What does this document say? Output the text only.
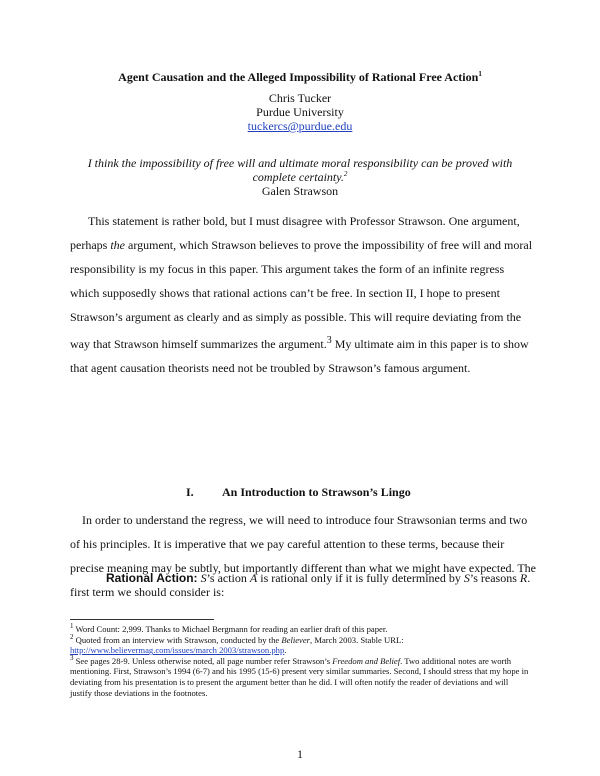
Agent Causation and the Alleged Impossibility of Rational Free Action$^1$
Chris Tucker
Purdue University
tuckercs@purdue.edu
I think the impossibility of free will and ultimate moral responsibility can be proved with complete certainty.$^2$
Galen Strawson
This statement is rather bold, but I must disagree with Professor Strawson. One argument, perhaps the argument, which Strawson believes to prove the impossibility of free will and moral responsibility is my focus in this paper. This argument takes the form of an infinite regress which supposedly shows that rational actions can’t be free. In section II, I hope to present Strawson’s argument as clearly and as simply as possible. This will require deviating from the way that Strawson himself summarizes the argument.$^3$ My ultimate aim in this paper is to show that agent causation theorists need not be troubled by Strawson’s famous argument.
I. An Introduction to Strawson’s Lingo
In order to understand the regress, we will need to introduce four Strawsonian terms and two of his principles. It is imperative that we pay careful attention to these terms, because their precise meaning may be subtly, but importantly different than what we might have expected. The first term we should consider is:
Rational Action: S’s action A is rational only if it is fully determined by S’s reasons R.
$^1$ Word Count: 2,999. Thanks to Michael Bergmann for reading an earlier draft of this paper.
$^2$ Quoted from an interview with Strawson, conducted by the Believer, March 2003. Stable URL:
http://www.believermag.com/issues/march 2003/strawson.php.
$^3$ See pages 28-9. Unless otherwise noted, all page number refer Strawson’s Freedom and Belief. Two additional notes are worth mentioning. First, Strawson’s 1994 (6-7) and his 1995 (15-6) present very similar summaries. Second, I should stress that my hope in deviating from his presentation is to present the argument better than he did. I will often notify the reader of deviations and will justify those deviations in the footnotes.
1
